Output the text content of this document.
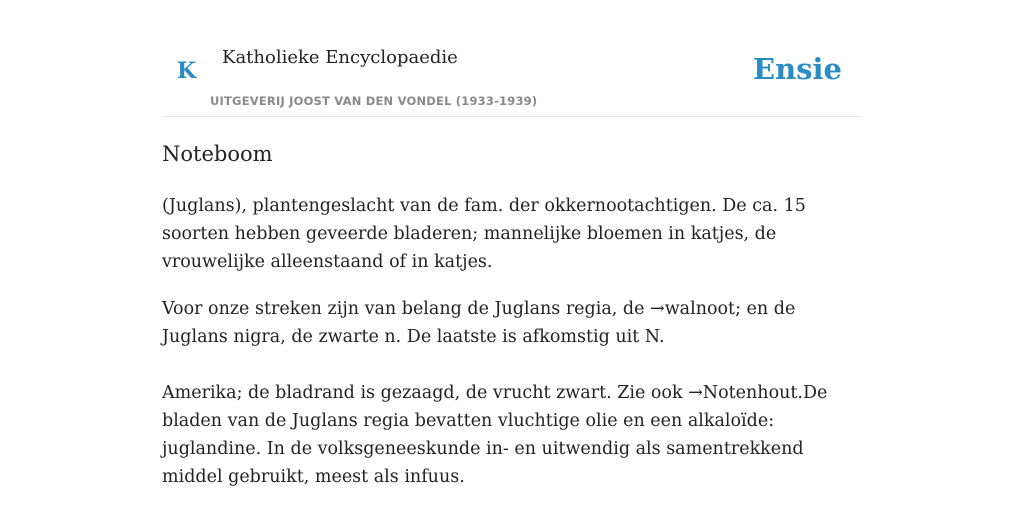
K
Katholieke Encyclopaedie
UITGEVERIJ JOOST VAN DEN VONDEL (1933-1939)
Ensie
Noteboom

(Juglans), plantengeslacht van de fam. der okkernootachtigen. De ca. 15 soorten hebben geveerde bladeren; mannelijke bloemen in katjes, de vrouwelijke alleenstaand of in katjes.

Voor onze streken zijn van belang de Juglans regia, de →walnoot; en de Juglans nigra, de zwarte n. De laatste is afkomstig uit N.

Amerika; de bladrand is gezaagd, de vrucht zwart. Zie ook →Notenhout.De bladen van de Juglans regia bevatten vluchtige olie en een alkaloïde: juglandine. In de volksgeneeskunde in- en uitwendig als samentrekkend middel gebruikt, meest als infuus.
